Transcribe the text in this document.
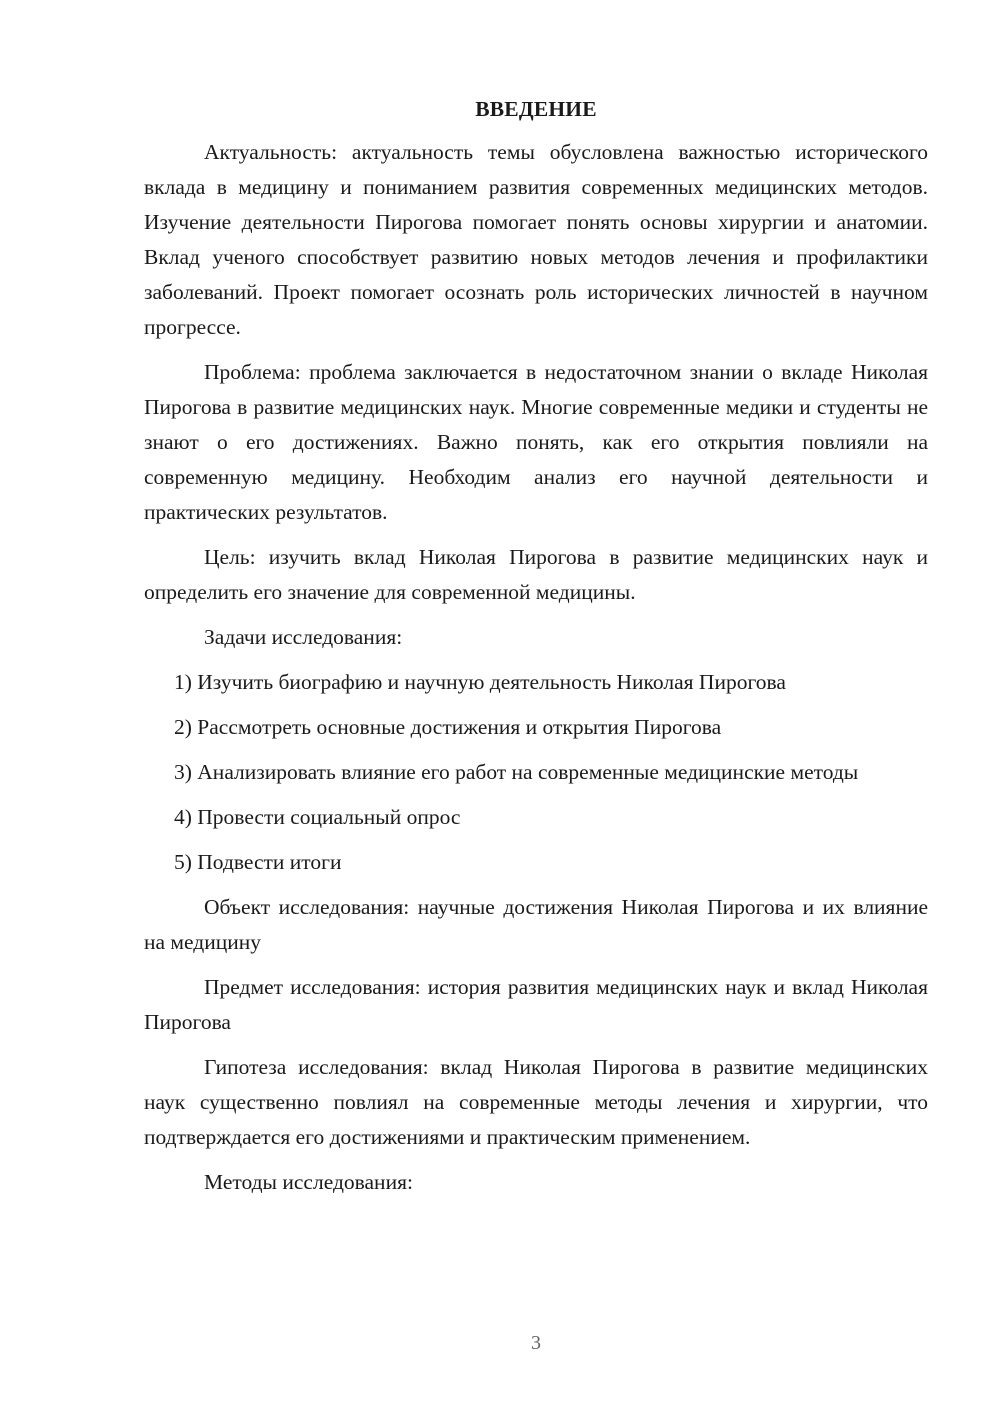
ВВЕДЕНИЕ

Актуальность: актуальность темы обусловлена важностью исторического вклада в медицину и пониманием развития современных медицинских методов. Изучение деятельности Пирогова помогает понять основы хирургии и анатомии. Вклад ученого способствует развитию новых методов лечения и профилактики заболеваний. Проект помогает осознать роль исторических личностей в научном прогрессе.

Проблема: проблема заключается в недостаточном знании о вкладе Николая Пирогова в развитие медицинских наук. Многие современные медики и студенты не знают о его достижениях. Важно понять, как его открытия повлияли на современную медицину. Необходим анализ его научной деятельности и практических результатов.

Цель: изучить вклад Николая Пирогова в развитие медицинских наук и определить его значение для современной медицины.

Задачи исследования:

1) Изучить биографию и научную деятельность Николая Пирогова

2) Рассмотреть основные достижения и открытия Пирогова

3) Анализировать влияние его работ на современные медицинские методы

4) Провести социальный опрос

5) Подвести итоги

Объект исследования: научные достижения Николая Пирогова и их влияние на медицину

Предмет исследования: история развития медицинских наук и вклад Николая Пирогова

Гипотеза исследования: вклад Николая Пирогова в развитие медицинских наук существенно повлиял на современные методы лечения и хирургии, что подтверждается его достижениями и практическим применением.

Методы исследования:

3
